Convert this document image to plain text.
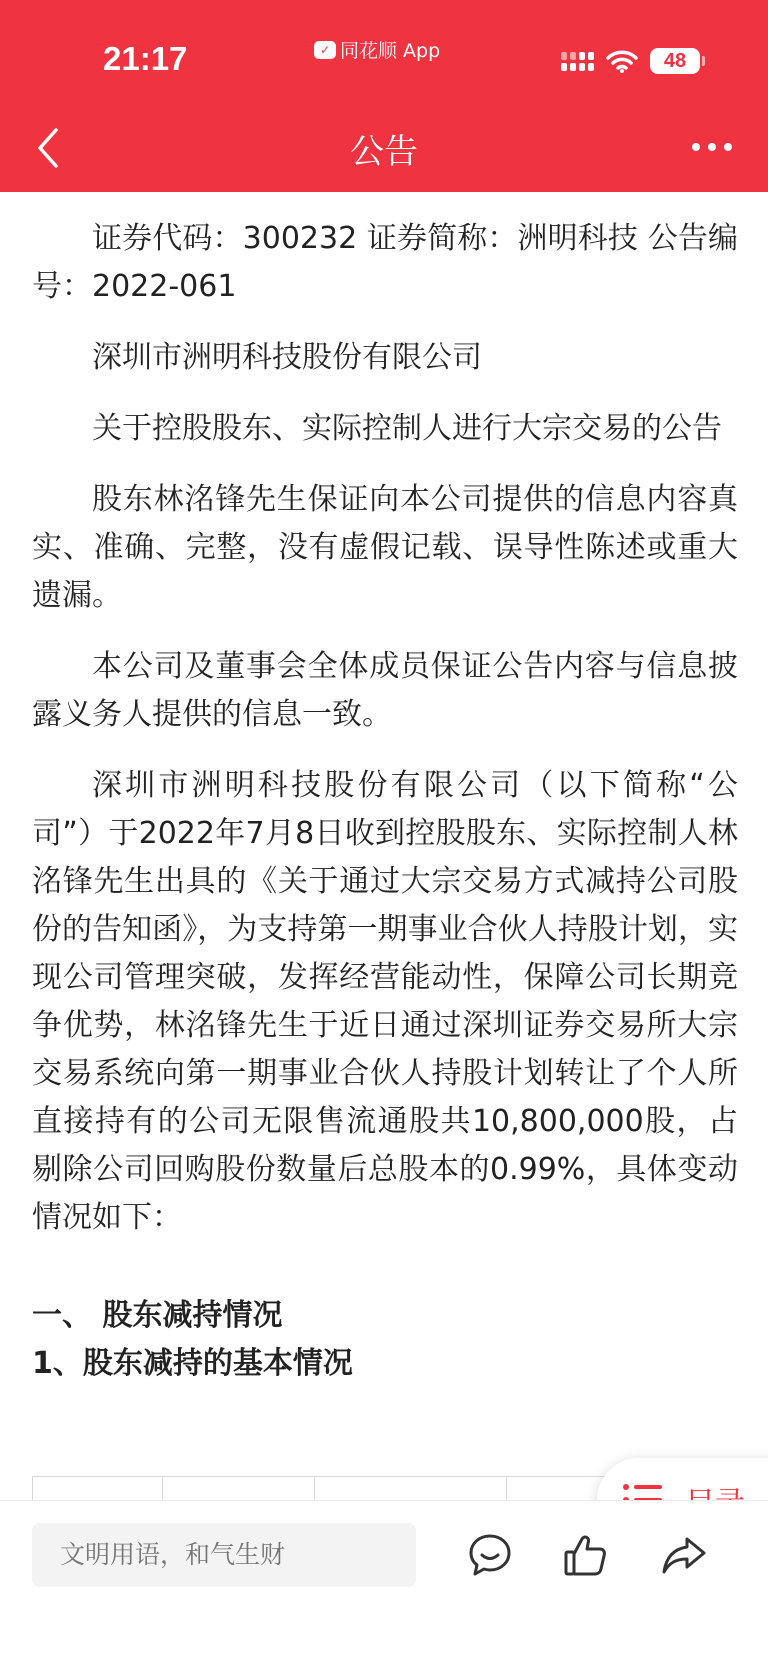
21:17	✓ 同花顺 App	48
公告

证券代码：300232 证券简称：洲明科技 公告编号：2022-061

深圳市洲明科技股份有限公司

关于控股股东、实际控制人进行大宗交易的公告

股东林洺锋先生保证向本公司提供的信息内容真实、准确、完整，没有虚假记载、误导性陈述或重大遗漏。

本公司及董事会全体成员保证公告内容与信息披露义务人提供的信息一致。

深圳市洲明科技股份有限公司（以下简称“公司”）于2022年7月8日收到控股股东、实际控制人林洺锋先生出具的《关于通过大宗交易方式减持公司股份的告知函》，为支持第一期事业合伙人持股计划，实现公司管理突破，发挥经营能动性，保障公司长期竞争优势，林洺锋先生于近日通过深圳证券交易所大宗交易系统向第一期事业合伙人持股计划转让了个人所直接持有的公司无限售流通股共10,800,000股，占剔除公司回购股份数量后总股本的0.99%，具体变动情况如下：

一、 股东减持情况
1、股东减持的基本情况
文明用语，和气生财
